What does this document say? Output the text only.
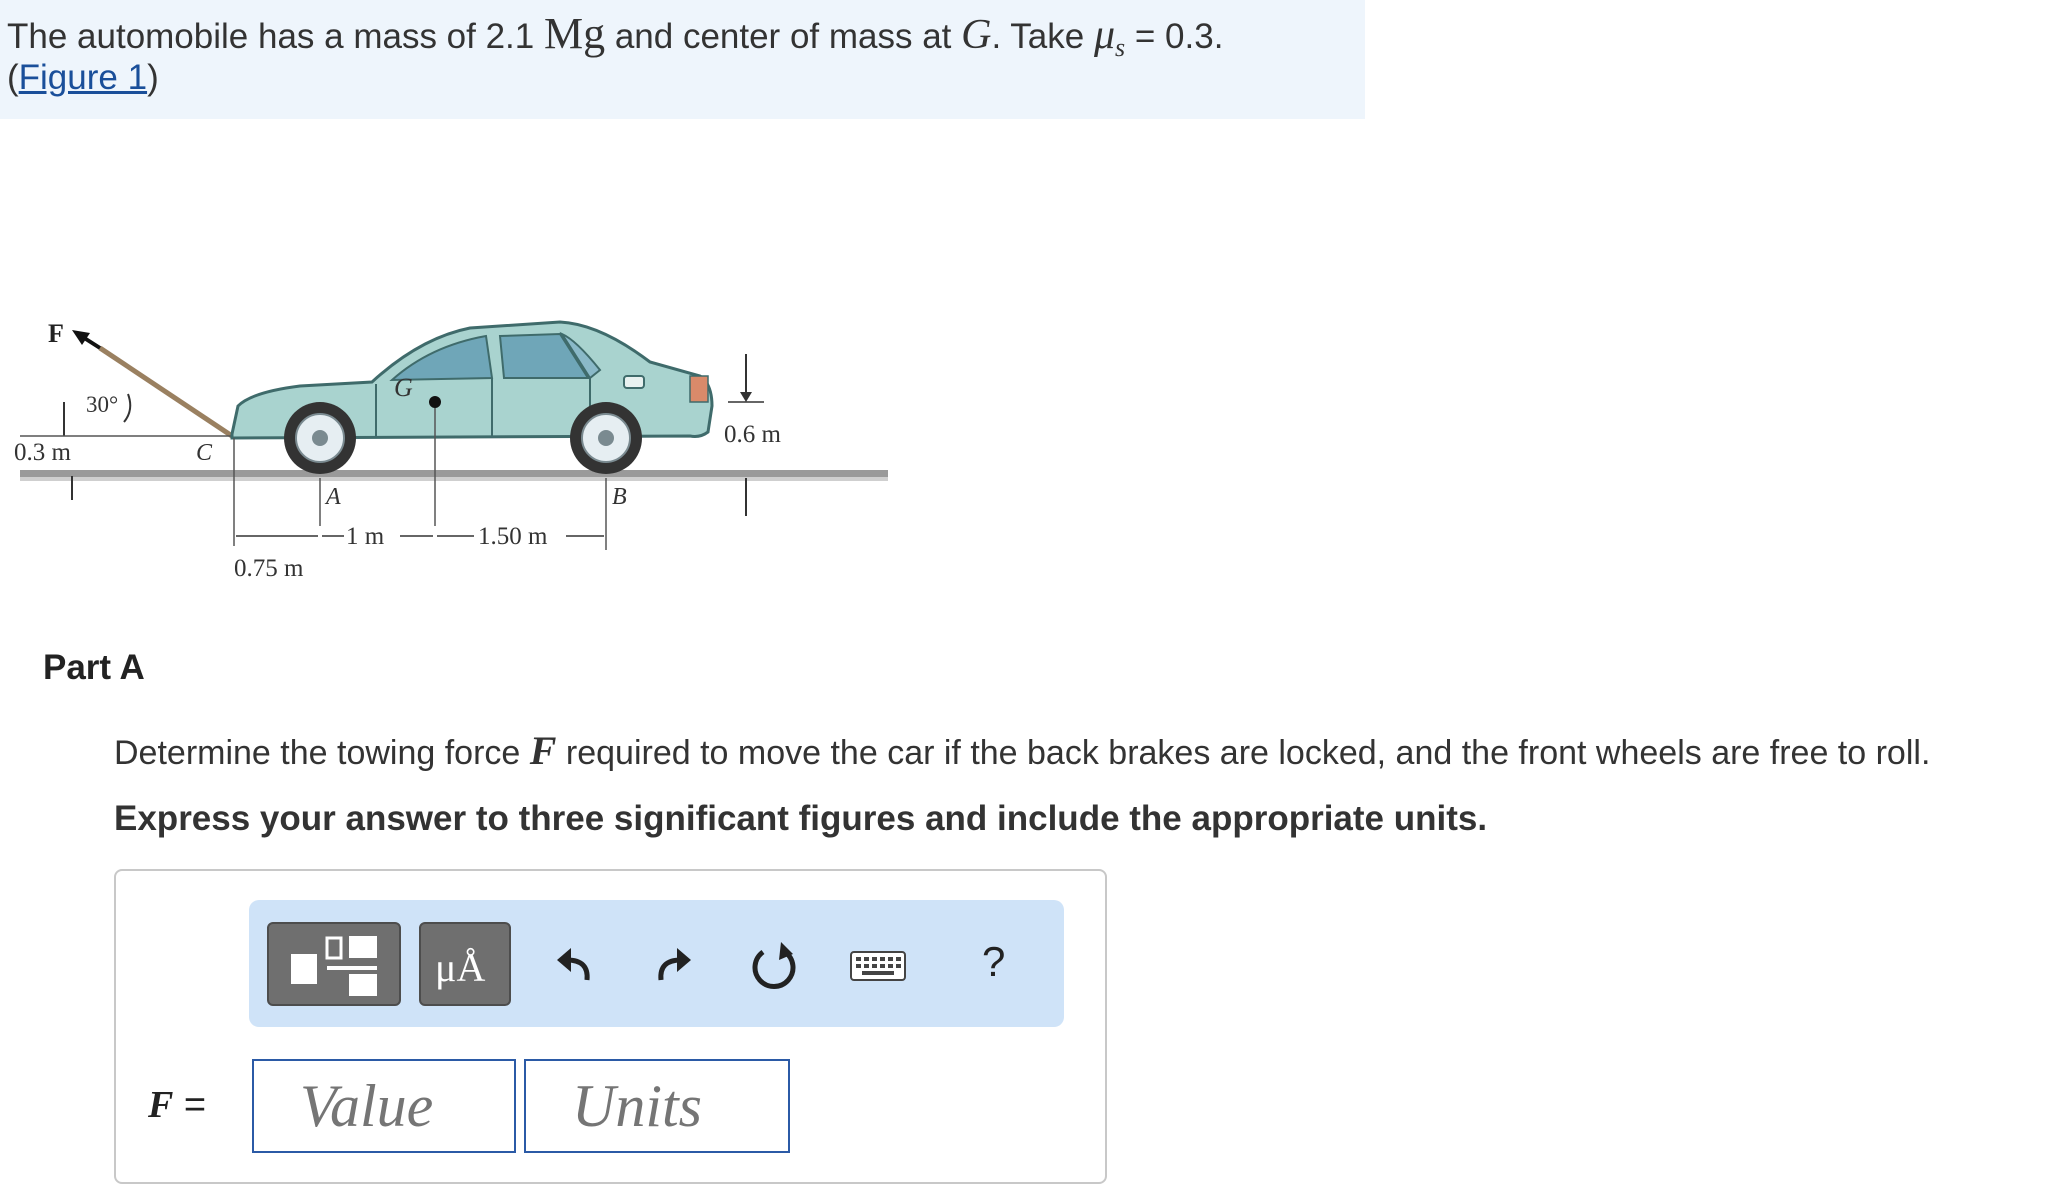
The automobile has a mass of 2.1 Mg and center of mass at G. Take $\mu_s = 0.3$.
(Figure 1)
F
30°
0.3 m	C
G
0.6 m
A	B
1 m	1.50 m
0.75 m
Part A
Determine the towing force F required to move the car if the back brakes are locked, and the front wheels are free to roll.
Express your answer to three significant figures and include the appropriate units.
μÅ	?
F =
Value
Units
